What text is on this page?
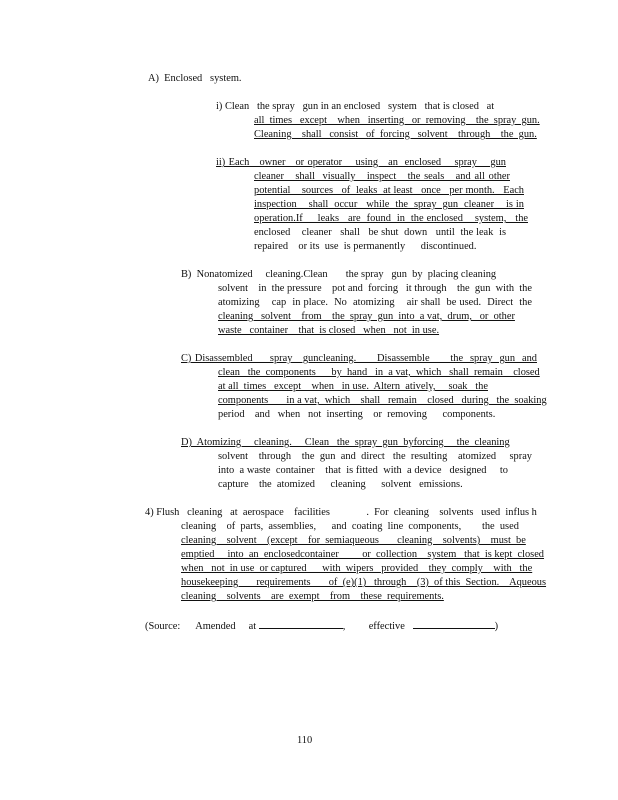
A)  Enclosed   system.
i) Clean   the spray   gun in an enclosed   system   that is closed   at
all  times   except    when   inserting   or  removing    the  spray  gun.
Cleaning    shall   consist   of  forcing   solvent    through    the  gun.
ii) Each   owner   or operator    using   an  enclosed    spray    gun
cleaner   shall  visually   inspect   the seals   and all other
potential    sources   of  leaks  at least   once   per month.   Each
inspection    shall  occur   while  the  spray  gun  cleaner    is in
operation.If     leaks   are  found  in  the enclosed    system,   the
enclosed    cleaner   shall   be shut  down   until  the leak  is
repaired    or its  use  is permanently      discontinued.
B)  Nonatomized     cleaning.Clean       the spray   gun  by  placing cleaning
solvent    in  the pressure    pot and  forcing   it through    the  gun  with  the
atomizing    cap  in place.  No  atomizing    air shall  be used.  Direct  the
cleaning   solvent    from    the  spray  gun  into  a vat,  drum,   or  other
waste   container    that  is closed   when   not  in use.
C) Disassembled     spray   guncleaning.      Disassemble      the  spray  gun  and
clean   the  components      by  hand   in  a vat,  which   shall  remain    closed
at all  times   except    when   in use.  Altern  atively,     soak   the
components       in a vat,  which    shall   remain    closed   during   the  soaking
period    and   when   not  inserting    or  removing      components.
D)  Atomizing     cleaning.     Clean   the  spray  gun  byforcing     the  cleaning
solvent    through    the  gun  and  direct   the  resulting    atomized     spray
into  a waste  container    that  is fitted  with  a device   designed     to
capture    the  atomized      cleaning      solvent   emissions.
4) Flush   cleaning   at  aerospace    facilities              .  For  cleaning    solvents   used  influs h
cleaning    of  parts,  assemblies,      and  coating  line  components,        the  used
cleaning    solvent    (except    for  semiaqueous       cleaning    solvents)    must  be
emptied     into  an  enclosedcontainer         or  collection    system   that  is kept  closed
when   not  in use  or captured      with  wipers   provided    they  comply    with   the
housekeeping       requirements       of  (e)(1)   through    (3)  of this  Section.    Aqueous
cleaning    solvents    are  exempt    from    these  requirements.
(Source:      Amended     at	,         effective	)
110
